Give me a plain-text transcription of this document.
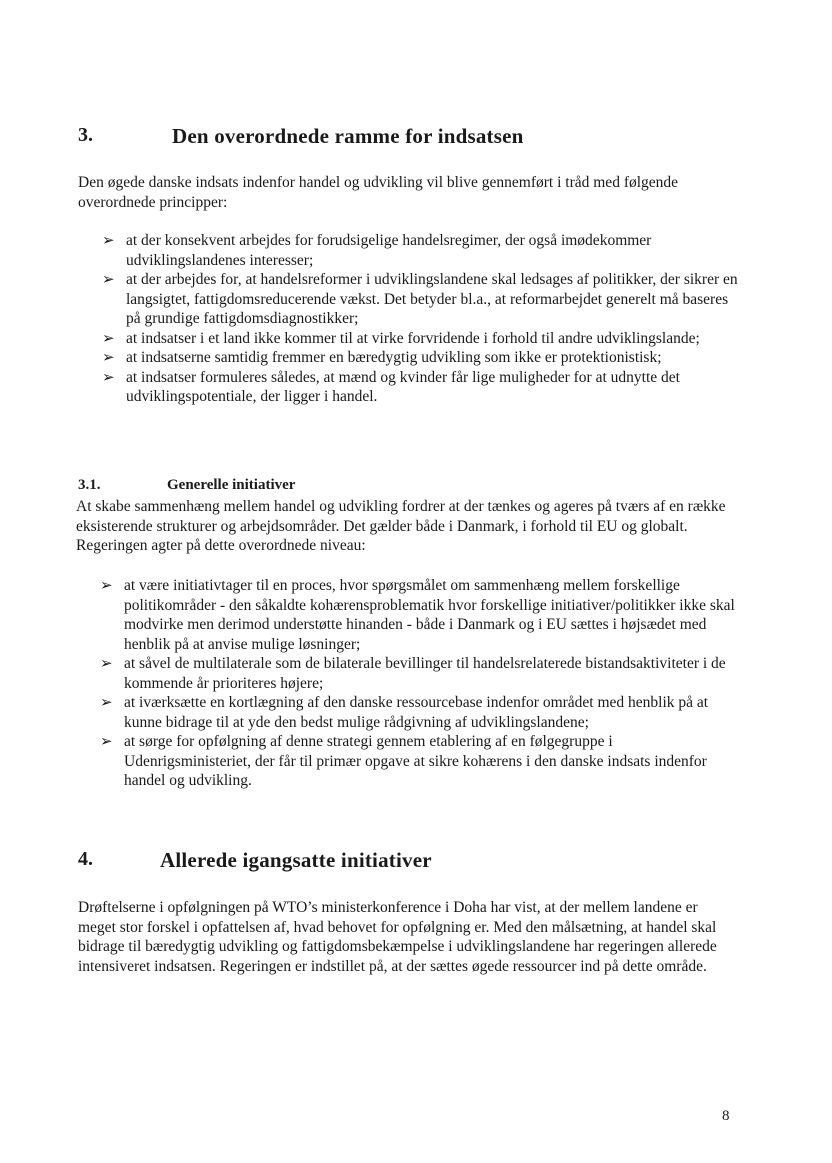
3.	Den overordnede ramme for indsatsen

Den øgede danske indsats indenfor handel og udvikling vil blive gennemført i tråd med følgende overordnede principper:

➢ at der konsekvent arbejdes for forudsigelige handelsregimer, der også imødekommer udviklingslandenes interesser;
➢ at der arbejdes for, at handelsreformer i udviklingslandene skal ledsages af politikker, der sikrer en langsigtet, fattigdomsreducerende vækst. Det betyder bl.a., at reformarbejdet generelt må baseres på grundige fattigdomsdiagnostikker;
➢ at indsatser i et land ikke kommer til at virke forvridende i forhold til andre udviklingslande;
➢ at indsatserne samtidig fremmer en bæredygtig udvikling som ikke er protektionistisk;
➢ at indsatser formuleres således, at mænd og kvinder får lige muligheder for at udnytte det udviklingspotentiale, der ligger i handel.
3.1.	Generelle initiativer

At skabe sammenhæng mellem handel og udvikling fordrer at der tænkes og ageres på tværs af en række eksisterende strukturer og arbejdsområder. Det gælder både i Danmark, i forhold til EU og globalt. Regeringen agter på dette overordnede niveau:

➢ at være initiativtager til en proces, hvor spørgsmålet om sammenhæng mellem forskellige politikområder - den såkaldte kohærensproblematik hvor forskellige initiativer/politikker ikke skal modvirke men derimod understøtte hinanden - både i Danmark og i EU sættes i højsædet med henblik på at anvise mulige løsninger;
➢ at såvel de multilaterale som de bilaterale bevillinger til handelsrelaterede bistandsaktiviteter i de kommende år prioriteres højere;
➢ at iværksætte en kortlægning af den danske ressourcebase indenfor området med henblik på at kunne bidrage til at yde den bedst mulige rådgivning af udviklingslandene;
➢ at sørge for opfølgning af denne strategi gennem etablering af en følgegruppe i Udenrigsministeriet, der får til primær opgave at sikre kohærens i den danske indsats indenfor handel og udvikling.
4.	Allerede igangsatte initiativer

Drøftelserne i opfølgningen på WTO’s ministerkonference i Doha har vist, at der mellem landene er meget stor forskel i opfattelsen af, hvad behovet for opfølgning er. Med den målsætning, at handel skal bidrage til bæredygtig udvikling og fattigdomsbekæmpelse i udviklingslandene har regeringen allerede intensiveret indsatsen. Regeringen er indstillet på, at der sættes øgede ressourcer ind på dette område.

8
